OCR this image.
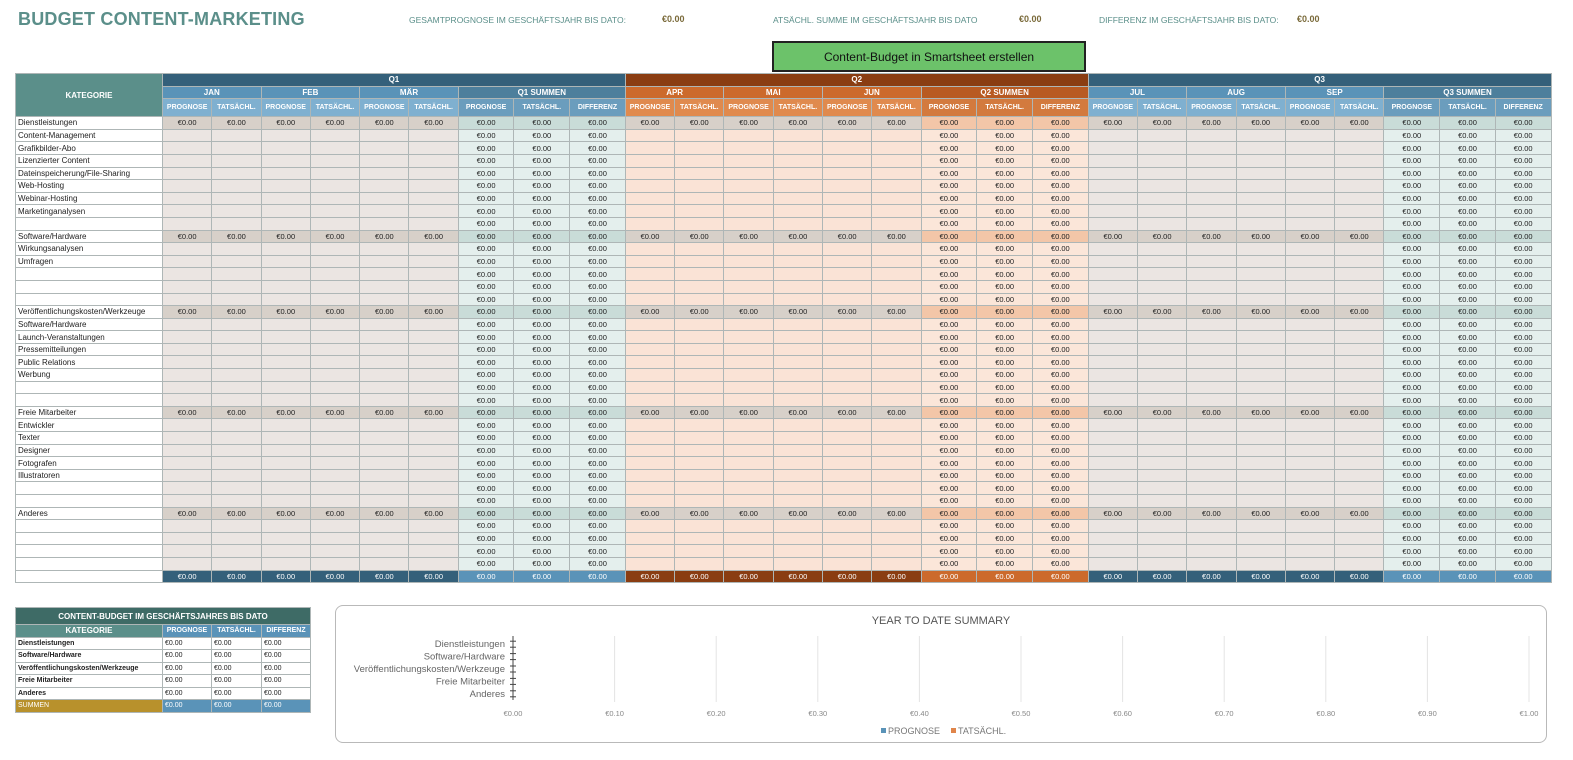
BUDGET CONTENT-MARKETING	GESAMTPROGNOSE IM GESCHÄFTSJAHR BIS DATO:	€0.00	ATSÄCHL. SUMME IM GESCHÄFTSJAHR BIS DATO	€0.00	DIFFERENZ IM GESCHÄFTSJAHR BIS DATO: €0.00
Content-Budget in Smartsheet erstellen
KATEGORIE	Q1									Q2									Q3								
	JAN		FEB		MÄR		Q1 SUMMEN			APR		MAI		JUN		Q2 SUMMEN			JUL		AUG		SEP		Q3 SUMMEN		
	PROGNOSE	TATSÄCHL.	PROGNOSE	TATSÄCHL.	PROGNOSE	TATSÄCHL.	PROGNOSE	TATSÄCHL.	DIFFERENZ	PROGNOSE	TATSÄCHL.	PROGNOSE	TATSÄCHL.	PROGNOSE	TATSÄCHL.	PROGNOSE	TATSÄCHL.	DIFFERENZ	PROGNOSE	TATSÄCHL.	PROGNOSE	TATSÄCHL.	PROGNOSE	TATSÄCHL.	PROGNOSE	TATSÄCHL.	DIFFERENZ
Dienstleistungen	€0.00	€0.00	€0.00	€0.00	€0.00	€0.00	€0.00	€0.00	€0.00	€0.00	€0.00	€0.00	€0.00	€0.00	€0.00	€0.00	€0.00	€0.00	€0.00	€0.00	€0.00	€0.00	€0.00	€0.00	€0.00	€0.00	€0.00
Content-Management							€0.00	€0.00	€0.00							€0.00	€0.00	€0.00							€0.00	€0.00	€0.00
Grafikbilder-Abo							€0.00	€0.00	€0.00							€0.00	€0.00	€0.00							€0.00	€0.00	€0.00
Lizenzierter Content							€0.00	€0.00	€0.00							€0.00	€0.00	€0.00							€0.00	€0.00	€0.00
Dateinspeicherung/File-Sharing							€0.00	€0.00	€0.00							€0.00	€0.00	€0.00							€0.00	€0.00	€0.00
Web-Hosting							€0.00	€0.00	€0.00							€0.00	€0.00	€0.00							€0.00	€0.00	€0.00
Webinar-Hosting							€0.00	€0.00	€0.00							€0.00	€0.00	€0.00							€0.00	€0.00	€0.00
Marketinganalysen							€0.00	€0.00	€0.00							€0.00	€0.00	€0.00							€0.00	€0.00	€0.00
							€0.00	€0.00	€0.00							€0.00	€0.00	€0.00							€0.00	€0.00	€0.00
Software/Hardware	€0.00	€0.00	€0.00	€0.00	€0.00	€0.00	€0.00	€0.00	€0.00	€0.00	€0.00	€0.00	€0.00	€0.00	€0.00	€0.00	€0.00	€0.00	€0.00	€0.00	€0.00	€0.00	€0.00	€0.00	€0.00	€0.00	€0.00
Wirkungsanalysen							€0.00	€0.00	€0.00							€0.00	€0.00	€0.00							€0.00	€0.00	€0.00
Umfragen							€0.00	€0.00	€0.00							€0.00	€0.00	€0.00							€0.00	€0.00	€0.00
							€0.00	€0.00	€0.00							€0.00	€0.00	€0.00							€0.00	€0.00	€0.00
							€0.00	€0.00	€0.00							€0.00	€0.00	€0.00							€0.00	€0.00	€0.00
							€0.00	€0.00	€0.00							€0.00	€0.00	€0.00							€0.00	€0.00	€0.00
Veröffentlichungskosten/Werkzeuge	€0.00	€0.00	€0.00	€0.00	€0.00	€0.00	€0.00	€0.00	€0.00	€0.00	€0.00	€0.00	€0.00	€0.00	€0.00	€0.00	€0.00	€0.00	€0.00	€0.00	€0.00	€0.00	€0.00	€0.00	€0.00	€0.00	€0.00
Software/Hardware							€0.00	€0.00	€0.00							€0.00	€0.00	€0.00							€0.00	€0.00	€0.00
Launch-Veranstaltungen							€0.00	€0.00	€0.00							€0.00	€0.00	€0.00							€0.00	€0.00	€0.00
Pressemitteilungen							€0.00	€0.00	€0.00							€0.00	€0.00	€0.00							€0.00	€0.00	€0.00
Public Relations							€0.00	€0.00	€0.00							€0.00	€0.00	€0.00							€0.00	€0.00	€0.00
Werbung							€0.00	€0.00	€0.00							€0.00	€0.00	€0.00							€0.00	€0.00	€0.00
							€0.00	€0.00	€0.00							€0.00	€0.00	€0.00							€0.00	€0.00	€0.00
							€0.00	€0.00	€0.00							€0.00	€0.00	€0.00							€0.00	€0.00	€0.00
Freie Mitarbeiter	€0.00	€0.00	€0.00	€0.00	€0.00	€0.00	€0.00	€0.00	€0.00	€0.00	€0.00	€0.00	€0.00	€0.00	€0.00	€0.00	€0.00	€0.00	€0.00	€0.00	€0.00	€0.00	€0.00	€0.00	€0.00	€0.00	€0.00
Entwickler							€0.00	€0.00	€0.00							€0.00	€0.00	€0.00							€0.00	€0.00	€0.00
Texter							€0.00	€0.00	€0.00							€0.00	€0.00	€0.00							€0.00	€0.00	€0.00
Designer							€0.00	€0.00	€0.00							€0.00	€0.00	€0.00							€0.00	€0.00	€0.00
Fotografen							€0.00	€0.00	€0.00							€0.00	€0.00	€0.00							€0.00	€0.00	€0.00
Illustratoren							€0.00	€0.00	€0.00							€0.00	€0.00	€0.00							€0.00	€0.00	€0.00
							€0.00	€0.00	€0.00							€0.00	€0.00	€0.00							€0.00	€0.00	€0.00
							€0.00	€0.00	€0.00							€0.00	€0.00	€0.00							€0.00	€0.00	€0.00
Anderes	€0.00	€0.00	€0.00	€0.00	€0.00	€0.00	€0.00	€0.00	€0.00	€0.00	€0.00	€0.00	€0.00	€0.00	€0.00	€0.00	€0.00	€0.00	€0.00	€0.00	€0.00	€0.00	€0.00	€0.00	€0.00	€0.00	€0.00
							€0.00	€0.00	€0.00							€0.00	€0.00	€0.00							€0.00	€0.00	€0.00
							€0.00	€0.00	€0.00							€0.00	€0.00	€0.00							€0.00	€0.00	€0.00
							€0.00	€0.00	€0.00							€0.00	€0.00	€0.00							€0.00	€0.00	€0.00
							€0.00	€0.00	€0.00							€0.00	€0.00	€0.00							€0.00	€0.00	€0.00
SUMMEN	€0.00	€0.00	€0.00	€0.00	€0.00	€0.00	€0.00	€0.00	€0.00	€0.00	€0.00	€0.00	€0.00	€0.00	€0.00	€0.00	€0.00	€0.00	€0.00	€0.00	€0.00	€0.00	€0.00	€0.00	€0.00	€0.00	€0.00
CONTENT-BUDGET IM GESCHÄFTSJAHRES BIS DATO			
KATEGORIE	PROGNOSE	TATSÄCHL.	DIFFERENZ
Dienstleistungen	€0.00	€0.00	€0.00
Software/Hardware	€0.00	€0.00	€0.00
Veröffentlichungskosten/Werkzeuge	€0.00	€0.00	€0.00
Freie Mitarbeiter	€0.00	€0.00	€0.00
Anderes	€0.00	€0.00	€0.00
SUMMEN	€0.00	€0.00	€0.00
YEAR TO DATE SUMMARY
€0.00	€0.10	€0.20	€0.30	€0.40	€0.50	€0.60	€0.70	€0.80	€0.90	€1.00
Dienstleistungen
Software/Hardware
Veröffentlichungskosten/Werkzeuge
Freie Mitarbeiter
Anderes
PROGNOSE TATSÄCHL.
